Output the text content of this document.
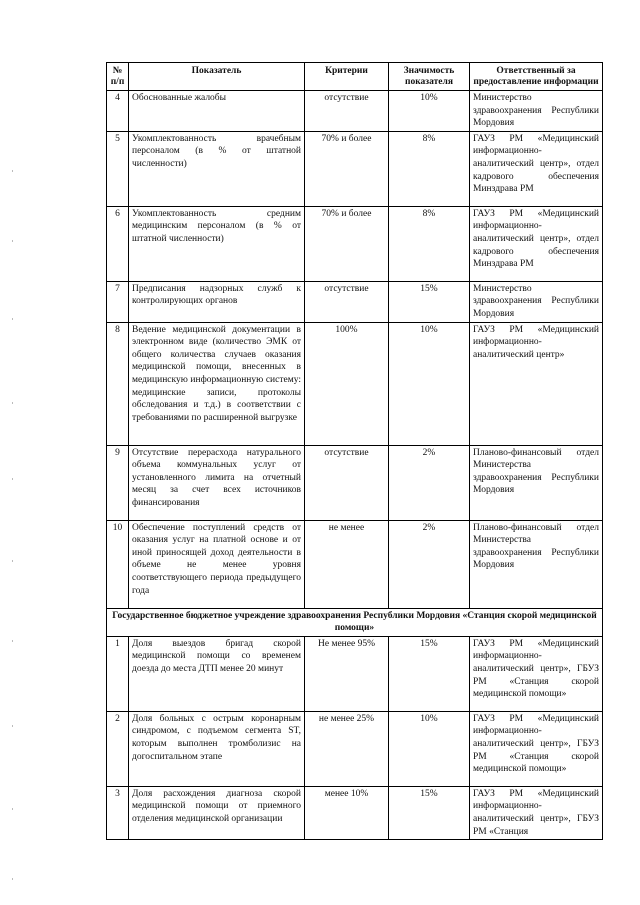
№ п/п	Показатель	Критерии	Значимость показателя	Ответственный за предоставление информации
4	Обоснованные жалобы	отсутствие	10%	Министерство здравоохранения Республики Мордовия
5	Укомплектованность врачебным персоналом (в % от штатной численности)	70% и более	8%	ГАУЗ РМ «Медицинский информационно-аналитический центр», отдел кадрового обеспечения Минздрава РМ
6	Укомплектованность средним медицинским персоналом (в % от штатной численности)	70% и более	8%	ГАУЗ РМ «Медицинский информационно-аналитический центр», отдел кадрового обеспечения Минздрава РМ
7	Предписания надзорных служб к контролирующих органов	отсутствие	15%	Министерство здравоохранения Республики Мордовия
8	Ведение медицинской документации в электронном виде (количество ЭМК от общего количества случаев оказания медицинской помощи, внесенных в медицинскую информационную систему: медицинские записи, протоколы обследования и т.д.) в соответствии с требованиями по расширенной выгрузке	100%	10%	ГАУЗ РМ «Медицинский информационно-аналитический центр»
9	Отсутствие перерасхода натурального объема коммунальных услуг от установленного лимита на отчетный месяц за счет всех источников финансирования	отсутствие	2%	Планово-финансовый отдел Министерства здравоохранения Республики Мордовия
10	Обеспечение поступлений средств от оказания услуг на платной основе и от иной приносящей доход деятельности в объеме не менее уровня соответствующего периода предыдущего года	не менее	2%	Планово-финансовый отдел Министерства здравоохранения Республики Мордовия
Государственное бюджетное учреждение здравоохранения Республики Мордовия «Станция скорой медицинской помощи»				
1	Доля выездов бригад скорой медицинской помощи со временем доезда до места ДТП менее 20 минут	Не менее 95%	15%	ГАУЗ РМ «Медицинский информационно-аналитический центр», ГБУЗ РМ «Станция скорой медицинской помощи»
2	Доля больных с острым коронарным синдромом, с подъемом сегмента ST, которым выполнен тромболизис на догоспитальном этапе	не менее 25%	10%	ГАУЗ РМ «Медицинский информационно-аналитический центр», ГБУЗ РМ «Станция скорой медицинской помощи»
3	Доля расхождения диагноза скорой медицинской помощи от приемного отделения медицинской организации	менее 10%	15%	ГАУЗ РМ «Медицинский информационно-аналитический центр», ГБУЗ РМ «Станция
